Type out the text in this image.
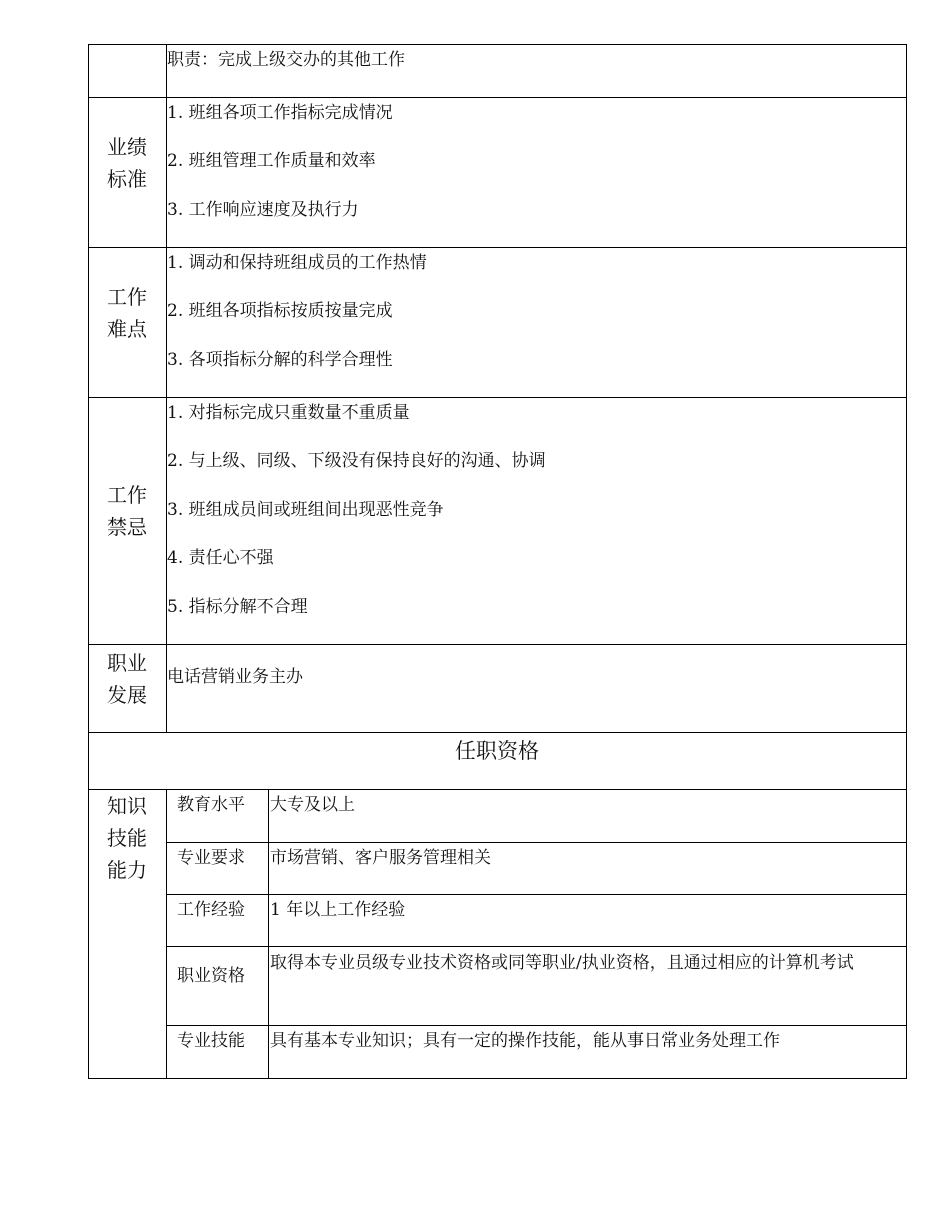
职责：完成上级交办的其他工作
业绩
标准
1. 班组各项工作指标完成情况
2. 班组管理工作质量和效率
3. 工作响应速度及执行力
工作
难点
1. 调动和保持班组成员的工作热情
2. 班组各项指标按质按量完成
3. 各项指标分解的科学合理性
工作
禁忌
1. 对指标完成只重数量不重质量
2. 与上级、同级、下级没有保持良好的沟通、协调
3. 班组成员间或班组间出现恶性竞争
4. 责任心不强
5. 指标分解不合理
职业
发展
电话营销业务主办
任职资格
知识
技能
能力
教育水平 大专及以上
专业要求 市场营销、客户服务管理相关
工作经验 1 年以上工作经验
职业资格
取得本专业员级专业技术资格或同等职业/执业资格，且通过相应的计算机考试
专业技能 具有基本专业知识；具有一定的操作技能，能从事日常业务处理工作
